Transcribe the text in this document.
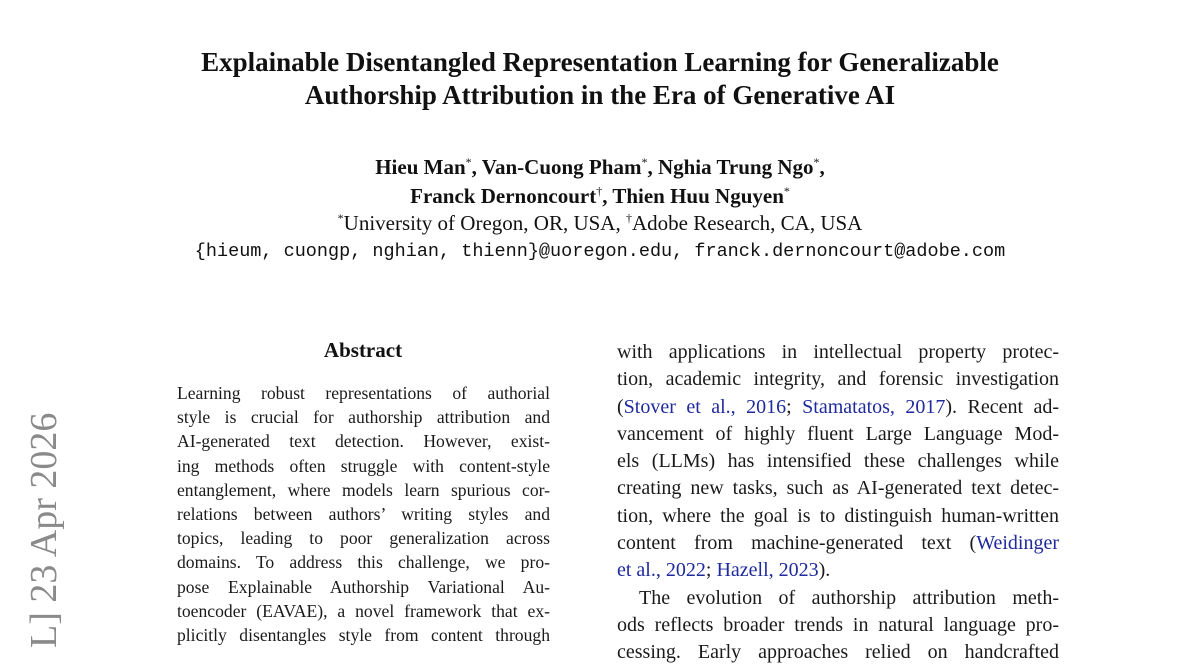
Explainable Disentangled Representation Learning for Generalizable
Authorship Attribution in the Era of Generative AI
Hieu Man*, Van-Cuong Pham*, Nghia Trung Ngo*,
Franck Dernoncourt†, Thien Huu Nguyen*
*University of Oregon, OR, USA, †Adobe Research, CA, USA
{hieum, cuongp, nghian, thienn}@uoregon.edu, franck.dernoncourt@adobe.com
L] 23 Apr 2026
Abstract
Learning robust representations of authorial
style is crucial for authorship attribution and
AI-generated text detection. However, exist-
ing methods often struggle with content-style
entanglement, where models learn spurious cor-
relations between authors’ writing styles and
topics, leading to poor generalization across
domains. To address this challenge, we pro-
pose Explainable Authorship Variational Au-
toencoder (EAVAE), a novel framework that ex-
plicitly disentangles style from content through
with applications in intellectual property protec-
tion, academic integrity, and forensic investigation
(Stover et al., 2016; Stamatatos, 2017). Recent ad-
vancement of highly fluent Large Language Mod-
els (LLMs) has intensified these challenges while
creating new tasks, such as AI-generated text detec-
tion, where the goal is to distinguish human-written
content from machine-generated text (Weidinger
et al., 2022; Hazell, 2023).
The evolution of authorship attribution meth-
ods reflects broader trends in natural language pro-
cessing. Early approaches relied on handcrafted
